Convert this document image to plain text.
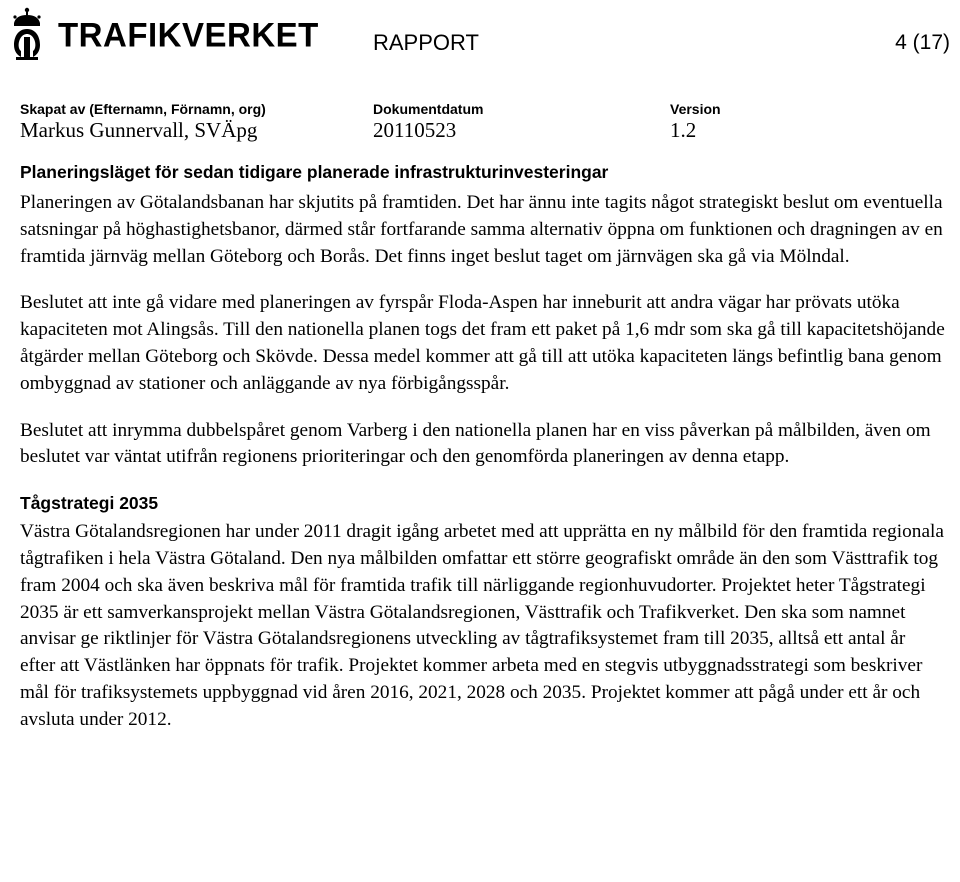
TRAFIKVERKET RAPPORT	4 (17)
Skapat av (Efternamn, Förnamn, org)
Markus Gunnervall, SVÄpg
Dokumentdatum
20110523
Version
1.2
Planeringsläget för sedan tidigare planerade infrastrukturinvesteringar

Planeringen av Götalandsbanan har skjutits på framtiden. Det har ännu inte tagits något strategiskt beslut om eventuella satsningar på höghastighetsbanor, därmed står fortfarande samma alternativ öppna om funktionen och dragningen av en framtida järnväg mellan Göteborg och Borås. Det finns inget beslut taget om järnvägen ska gå via Mölndal.

Beslutet att inte gå vidare med planeringen av fyrspår Floda-Aspen har inneburit att andra vägar har prövats utöka kapaciteten mot Alingsås. Till den nationella planen togs det fram ett paket på 1,6 mdr som ska gå till kapacitetshöjande åtgärder mellan Göteborg och Skövde. Dessa medel kommer att gå till att utöka kapaciteten längs befintlig bana genom ombyggnad av stationer och anläggande av nya förbigångsspår.

Beslutet att inrymma dubbelspåret genom Varberg i den nationella planen har en viss påverkan på målbilden, även om beslutet var väntat utifrån regionens prioriteringar och den genomförda planeringen av denna etapp.

Tågstrategi 2035

Västra Götalandsregionen har under 2011 dragit igång arbetet med att upprätta en ny målbild för den framtida regionala tågtrafiken i hela Västra Götaland. Den nya målbilden omfattar ett större geografiskt område än den som Västtrafik tog fram 2004 och ska även beskriva mål för framtida trafik till närliggande regionhuvudorter. Projektet heter Tågstrategi 2035 är ett samverkansprojekt mellan Västra Götalandsregionen, Västtrafik och Trafikverket. Den ska som namnet anvisar ge riktlinjer för Västra Götalandsregionens utveckling av tågtrafiksystemet fram till 2035, alltså ett antal år efter att Västlänken har öppnats för trafik. Projektet kommer arbeta med en stegvis utbyggnadsstrategi som beskriver mål för trafiksystemets uppbyggnad vid åren 2016, 2021, 2028 och 2035. Projektet kommer att pågå under ett år och avsluta under 2012.
